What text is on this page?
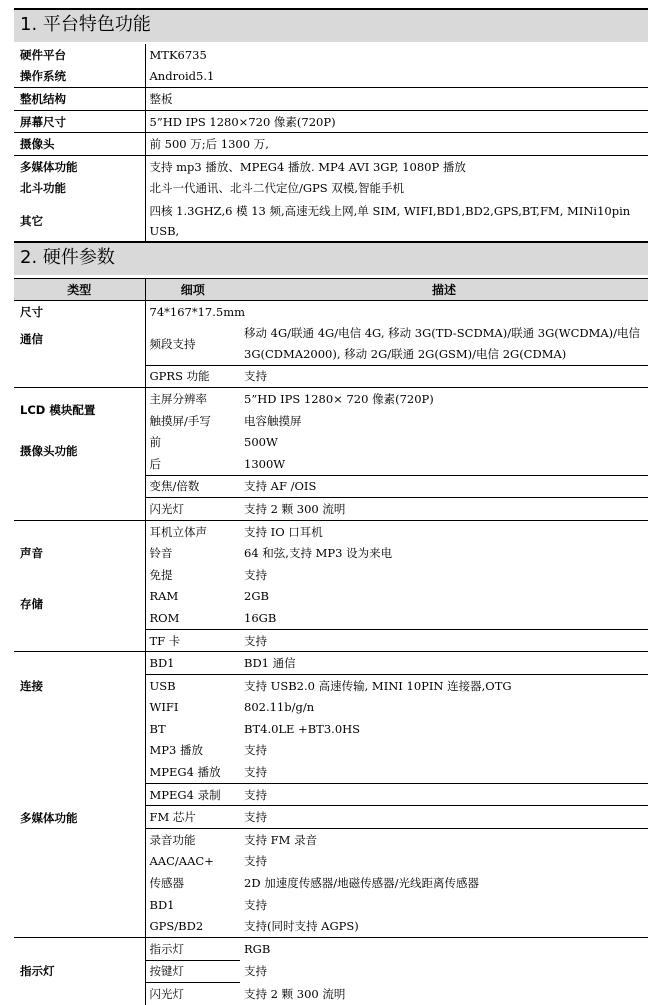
1. 平台特色功能
硬件平台	MTK6735
操作系统	Android5.1
整机结构	整板
屏幕尺寸	5”HD IPS 1280×720 像素(720P)
摄像头	前 500 万;后 1300 万,
多媒体功能	支持 mp3 播放、MPEG4 播放. MP4 AVI 3GP, 1080P 播放
北斗功能	北斗一代通讯、北斗二代定位/GPS 双模,智能手机
其它	四核 1.3GHZ,6 模 13 频,高速无线上网,单 SIM, WIFI,BD1,BD2,GPS,BT,FM, MINi10pin USB,
2. 硬件参数
类型	细项	描述
尺寸	74*167*17.5mm	
通信	频段支持	移动 4G/联通 4G/电信 4G, 移动 3G(TD-SCDMA)/联通 3G(WCDMA)/电信 3G(CDMA2000), 移动 2G/联通 2G(GSM)/电信 2G(CDMA)
	GPRS 功能	支持
LCD 模块配置	主屏分辨率	5”HD IPS 1280× 720 像素(720P)
	触摸屏/手写	电容触摸屏
摄像头功能	前	500W
	后	1300W
	变焦/倍数	支持 AF /OIS
	闪光灯	支持 2 颗 300 流明
声音	耳机立体声	支持 IO 口耳机
	铃音	64 和弦,支持 MP3 设为来电
	免提	支持
存储	RAM	2GB
	ROM	16GB
	TF 卡	支持
连接	BD1	BD1 通信
	USB	支持 USB2.0 高速传输, MINI 10PIN 连接器,OTG
	WIFI	802.11b/g/n
	BT	BT4.0LE +BT3.0HS
多媒体功能	MP3 播放	支持
	MPEG4 播放	支持
	MPEG4 录制	支持
	FM 芯片	支持
	录音功能	支持 FM 录音
	AAC/AAC+	支持
	传感器	2D 加速度传感器/地磁传感器/光线距离传感器
	BD1	支持
	GPS/BD2	支持(同时支持 AGPS)
指示灯	指示灯	RGB
	按键灯	支持
	闪光灯	支持 2 颗 300 流明
